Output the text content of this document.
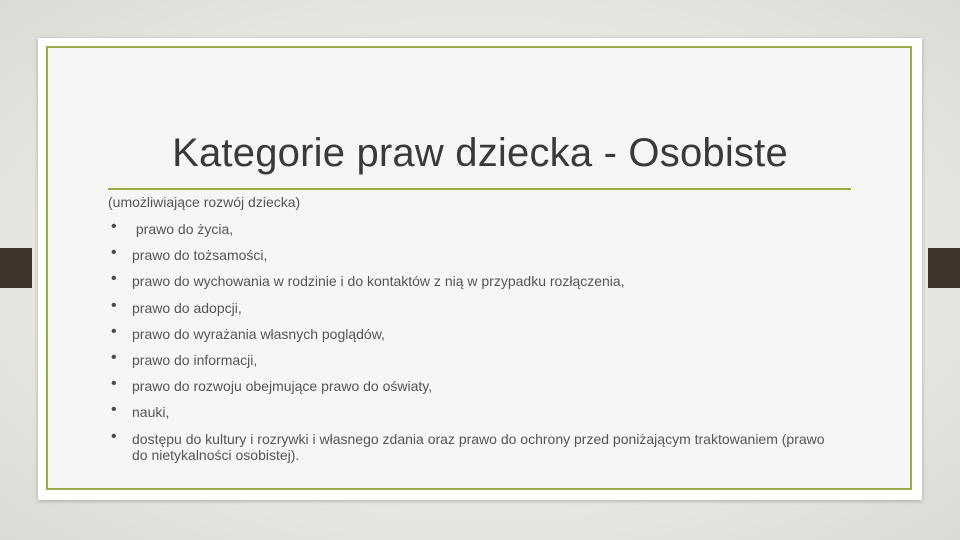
Kategorie praw dziecka - Osobiste
(umożliwiające rozwój dziecka)
• prawo do życia,
• prawo do tożsamości,
• prawo do wychowania w rodzinie i do kontaktów z nią w przypadku rozłączenia,
• prawo do adopcji,
• prawo do wyrażania własnych poglądów,
• prawo do informacji,
• prawo do rozwoju obejmujące prawo do oświaty,
• nauki,
• dostępu do kultury i rozrywki i własnego zdania oraz prawo do ochrony przed poniżającym traktowaniem (prawo do nietykalności osobistej).
